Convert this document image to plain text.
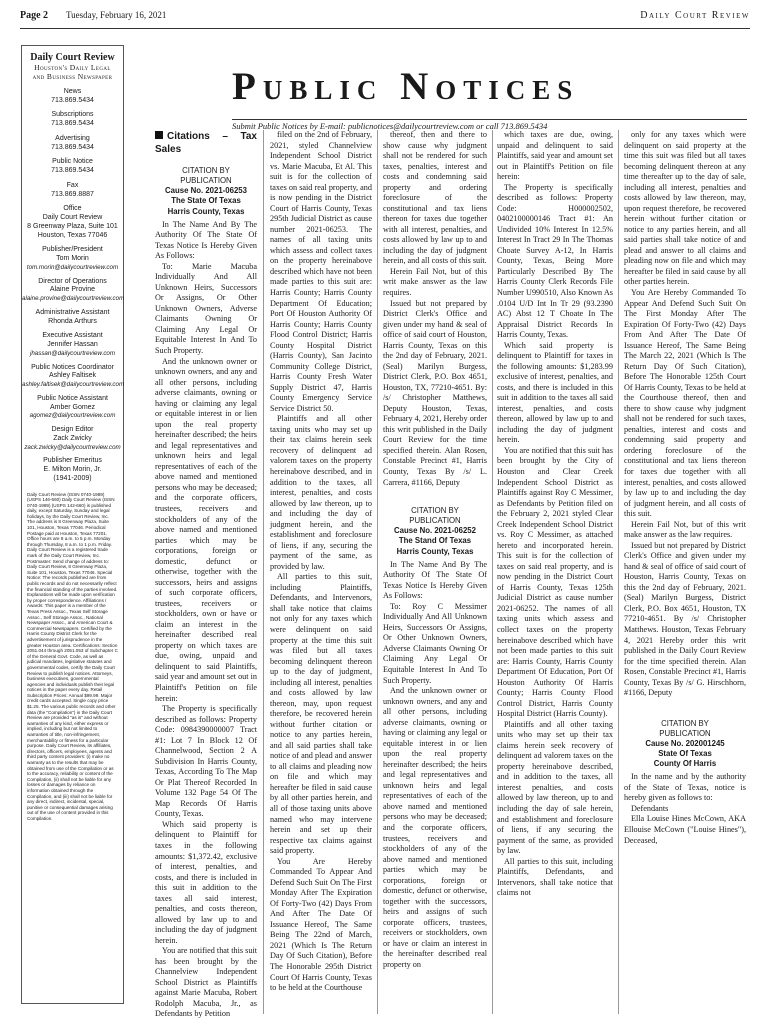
Page 2 Tuesday, February 16, 2021	Daily Court Review
Daily Court Review
Houston's Daily Legal
and Business Newspaper
News
713.869.5434
Subscriptions
713.869.5434
Advertising
713.869.5434
Public Notice
713.869.5434
Fax
713.869.8887
Office
Daily Court Review
8 Greenway Plaza, Suite 101
Houston, Texas 77046
Publisher/President
Tom Morin
tom.morin@dailycourtreview.com
Director of Operations
Alaine Provine
alaine.provine@dailycourtreview.com
Administrative Assistant
Rhonda Arthurs
Executive Assistant
Jennifer Hassan
jhassan@dailycourtreview.com
Public Notices Coordinator
Ashley Faltisek
ashley.faltisek@dailycourtreview.com
Public Notice Assistant
Amber Gomez
agomez@dailycourtreview.com
Design Editor
Zack Zwicky
zack.zwicky@dailycourtreview.com
Publisher Emeritus
E. Milton Morin, Jr.
(1941-2009)
Daily Court Review (ISSN 0740-1989) (USPS 146-660) Daily Court Review (ISSN 0740-1989) (USPS 142-660) is published daily, except Saturday, Sunday and legal holidays, by the Daily Court Review, Inc. The address is 8 Greenway Plaza, Suite 101, Houston, Texas 77046. Periodical Postage paid at Houston, Texas 77201. Office hours are 8 a.m. to 5 p.m. Monday through Thursday, 8 a.m. to 1 p.m. Friday. Daily Court Review is a registered trade mark of the Daily Court Review, Inc. Postmaster: Send change of address to: Daily Court Review, 8 Greenway Plaza, Suite 101, Houston, Texas 77046. Special Notice: The records published are from public records and do not necessarily reflect the financial standing of the parties involved. Explanations will be made upon verification by proper correspondence. Affiliations / Awards: This paper is a member of the Texas Press Assoc., Texas Self Storage Assoc., Self Storage Assoc., National Newspaper Assoc., and American Court & Commercial Newspapers. Certified by the Harris County District Clerk for the advertisement of jurisprudence in the greater Houston area. Certifications: Section 2051.044 through 2051.053 of Subchapter C of the General Govt. Code, as well as judicial mandates, legislative statutes and governmental codes, certify the Daily Court Review to publish legal notices. Attorneys, business executives, governmental agencies and individuals publish their legal notices in the paper every day. Retail Subscription Prices: Annual $99.99. Major credit cards accepted. Single copy price $1.25. The various public records and other data (the "Compilation") in the Daily Court Review are provided "as is" and without warranties of any kind, either express or implied, including but not limited to warranties of title, non-infringement, merchantability or fitness for a particular purpose. Daily Court Review, its affiliates, directors, officers, employees, agents and third party content providers: (i) make no warranty as to the results that may be obtained from use of the Compilation or as to the accuracy, reliability or content of the Compilation, (ii) shall not be liable for any losses or damages by reliance on information obtained through the Compilation, and (iii) shall not be liable for any direct, indirect, incidental, special, punitive or consequential damages arising out of the use of content provided in this Compilation.
Public Notices
Submit Public Notices by E-mail: publicnotices@dailycourtreview.com or call 713.869.5434
Citations – Tax Sales
CITATION BY
PUBLICATION
Cause No. 2021-06253
The State Of Texas
Harris County, Texas

In The Name And By The Authority Of The State Of Texas Notice Is Hereby Given As Follows:

To: Marie Macuba Individually And All Unknown Heirs, Successors Or Assigns, Or Other Unknown Owners, Adverse Claimants Owning Or Claiming Any Legal Or Equitable Interest In And To Such Property.

And the unknown owner or unknown owners, and any and all other persons, including adverse claimants, owning or having or claiming any legal or equitable interest in or lien upon the real property hereinafter described; the heirs and legal representatives and unknown heirs and legal representatives of each of the above named and mentioned persons who may be deceased; and the corporate officers, trustees, receivers and stockholders of any of the above named and mentioned parties which may be corporations, foreign or domestic, defunct or otherwise, together with the successors, heirs and assigns of such corporate officers, trustees, receivers or stockholders, own or have or claim an interest in the hereinafter described real property on which taxes are due, owing, unpaid and delinquent to said Plaintiffs, said year and amount set out in Plaintiff's Petition on file herein:

The Property is specifically described as follows: Property Code: 0984390000007 Tract #1: Lot 7 In Block 12 Of Channelwood, Section 2 A Subdivision In Harris County, Texas, According To The Map Or Plat Thereof Recorded In Volume 132 Page 54 Of The Map Records Of Harris County, Texas.

Which said property is delinquent to Plaintiff for taxes in the following amounts: $1,372.42, exclusive of interest, penalties, and costs, and there is included in this suit in addition to the taxes all said interest, penalties, and costs thereon, allowed by law up to and including the day of judgment herein.

You are notified that this suit has been brought by the Channelview Independent School District as Plaintiffs against Marie Macuba, Robert Rodolph Macuba, Jr., as Defendants by Petition

filed on the 2nd of February, 2021, styled Channelview Independent School District vs. Marie Macuba, Et Al. This suit is for the collection of taxes on said real property, and is now pending in the District Court of Harris County, Texas 295th Judicial District as cause number 2021-06253. The names of all taxing units which assess and collect taxes on the property hereinabove described which have not been made parties to this suit are: Harris County; Harris County Department Of Education; Port Of Houston Authority Of Harris County; Harris County Flood Control District; Harris County Hospital District (Harris County), San Jacinto Community College District, Harris County Fresh Water Supply District 47, Harris County Emergency Service Service District 50.

Plaintiffs and all other taxing units who may set up their tax claims herein seek recovery of delinquent ad valorem taxes on the property hereinabove described, and in addition to the taxes, all interest, penalties, and costs allowed by law thereon, up to and including the day of judgment herein, and the establishment and foreclosure of liens, if any, securing the payment of the same, as provided by law.

All parties to this suit, including Plaintiffs, Defendants, and Intervenors, shall take notice that claims not only for any taxes which were delinquent on said property at the time this suit was filed but all taxes becoming delinquent thereon up to the day of judgment, including all interest, penalties and costs allowed by law thereon, may, upon request therefore, be recovered herein without further citation or notice to any parties herein, and all said parties shall take notice of and plead and answer to all claims and pleading now on file and which may hereafter be filed in said cause by all other parties herein, and all of those taxing units above named who may intervene herein and set up their respective tax claims against said property.

You Are Hereby Commanded To Appear And Defend Such Suit On The First Monday After The Expiration Of Forty-Two (42) Days From And After The Date Of Issuance Hereof, The Same Being The 22nd of March, 2021 (Which Is The Return Day Of Such Citation), Before The Honorable 295th District Court Of Harris County, Texas to be held at the Courthouse

thereof, then and there to show cause why judgment shall not be rendered for such taxes, penalties, interest and costs and condemning said property and ordering foreclosure of the constitutional and tax liens thereon for taxes due together with all interest, penalties, and costs allowed by law up to and including the day of judgment herein, and all costs of this suit.

Herein Fail Not, but of this writ make answer as the law requires.

Issued but not prepared by District Clerk's Office and given under my hand & seal of office of said court of Houston, Harris County, Texas on this the 2nd day of February, 2021. (Seal) Marilyn Burgess, District Clerk, P.O. Box 4651, Houston, TX, 77210-4651. By: /s/ Christopher Matthews, Deputy Houston, Texas, February 4, 2021, Hereby order this writ published in the Daily Court Review for the time specified therein. Alan Rosen, Constable Precinct #1, Harris County, Texas By /s/ L. Carrera, #1166, Deputy

CITATION BY
PUBLICATION
Cause No. 2021-06252
The Stand Of Texas
Harris County, Texas

In The Name And By The Authority Of The State Of Texas Notice Is Hereby Given As Follows:

To: Roy C Messimer Individually And All Unknown Heirs, Successors Or Assigns, Or Other Unknown Owners, Adverse Claimants Owning Or Claiming Any Legal Or Equitable Interest In And To Such Property.

And the unknown owner or unknown owners, and any and all other persons, including adverse claimants, owning or having or claiming any legal or equitable interest in or lien upon the real property hereinafter described; the heirs and legal representatives and unknown heirs and legal representatives of each of the above named and mentioned persons who may be deceased; and the corporate officers, trustees, receivers and stockholders of any of the above named and mentioned parties which may be corporations, foreign or domestic, defunct or otherwise, together with the successors, heirs and assigns of such corporate officers, trustees, receivers or stockholders, own or have or claim an interest in the hereinafter described real property on

which taxes are due, owing, unpaid and delinquent to said Plaintiffs, said year and amount set out in Plaintiff's Petition on file herein:

The Property is specifically described as follows: Property Code: H000002502, 0402100000146 Tract #1: An Undivided 10% Interest In 12.5% Interest In Tract 29 In The Thomas Choate Survey A-12, In Harris County, Texas, Being More Particularly Described By The Harris County Clerk Records File Number U990510, Also Known As .0104 U/D Int In Tr 29 (93.2390 AC) Abst 12 T Choate In The Appraisal District Records In Harris County, Texas.

Which said property is delinquent to Plaintiff for taxes in the following amounts: $1,283.99 exclusive of interest, penalties, and costs, and there is included in this suit in addition to the taxes all said interest, penalties, and costs thereon, allowed by law up to and including the day of judgment herein.

You are notified that this suit has been brought by the City of Houston and Clear Creek Independent School District as Plaintiffs against Roy C Messimer, as Defendants by Petition filed on the February 2, 2021 styled Clear Creek Independent School District vs. Roy C Messimer, as attached hereto and incorporated herein. This suit is for the collection of taxes on said real property, and is now pending in the District Court of Harris County, Texas 125th Judicial District as cause number 2021-06252. The names of all taxing units which assess and collect taxes on the property hereinabove described which have not been made parties to this suit are: Harris County, Harris County Department Of Education, Port Of Houston Authority Of Harris County; Harris County Flood Control District, Harris County Hospital District (Harris County).

Plaintiffs and all other taxing units who may set up their tax claims herein seek recovery of delinquent ad valorem taxes on the property hereinabove described, and in addition to the taxes, all interest penalties, and costs allowed by law thereon, up to and including the day of sale herein, and establishment and foreclosure of liens, if any securing the payment of the same, as provided by law.

All parties to this suit, including Plaintiffs, Defendants, and Intervenors, shall take notice that claims not

only for any taxes which were delinquent on said property at the time this suit was filed but all taxes becoming delinquent thereon at any time thereafter up to the day of sale, including all interest, penalties and costs allowed by law thereon, may, upon request therefore, be recovered herein without further citation or notice to any parties herein, and all said parties shall take notice of and plead and answer to all claims and pleading now on file and which may hereafter be filed in said cause by all other parties herein.

You Are Hereby Commanded To Appear And Defend Such Suit On The First Monday After The Expiration Of Forty-Two (42) Days From And After The Date Of Issuance Hereof, The Same Being The March 22, 2021 (Which Is The Return Day Of Such Citation), Before The Honorable 125th Court Of Harris County, Texas to be held at the Courthouse thereof, then and there to show cause why judgment shall not be rendered for such taxes, penalties, interest and costs and condemning said property and ordering foreclosure of the constitutional and tax liens thereon for taxes due together with all interest, penalties, and costs allowed by law up to and including the day of judgment herein, and all costs of this suit.

Herein Fail Not, but of this writ make answer as the law requires.

Issued but not prepared by District Clerk's Office and given under my hand & seal of office of said court of Houston, Harris County, Texas on this the 2nd day of February, 2021. (Seal) Marilyn Burgess, District Clerk, P.O. Box 4651, Houston, TX 77210-4651. By /s/ Christopher Matthews. Houston, Texas February 4, 2021 Hereby order this writ published in the Daily Court Review for the time specified therein. Alan Rosen, Constable Precinct #1, Harris County, Texas By /s/ G. Hirschhorn, #1166, Deputy

CITATION BY
PUBLICATION
Cause No. 202001245
State Of Texas
County Of Harris

In the name and by the authority of the State of Texas, notice is hereby given as follows to:

Defendants

Ella Louise Hines McCown, AKA Ellouise McCown ("Louise Hines"), Deceased,
